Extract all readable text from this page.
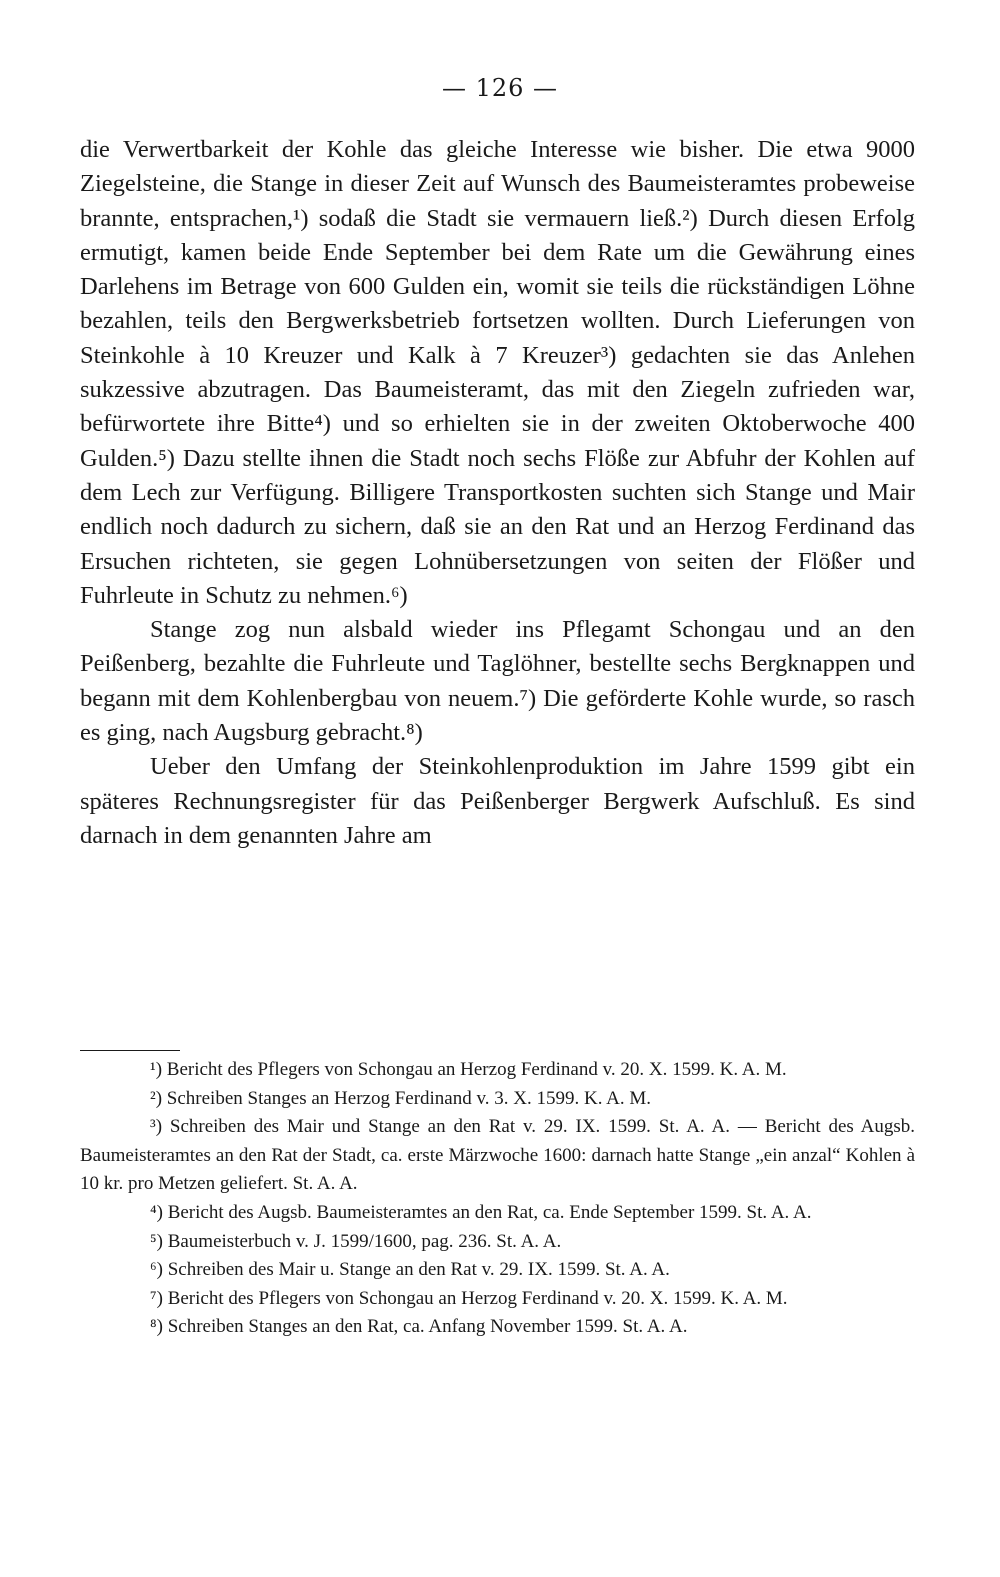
— 126 —

die Verwertbarkeit der Kohle das gleiche Interesse wie bisher. Die etwa 9000 Ziegelsteine, die Stange in dieser Zeit auf Wunsch des Baumeisteramtes probeweise brannte, entsprachen,¹) sodaß die Stadt sie vermauern ließ.²) Durch diesen Erfolg ermutigt, kamen beide Ende September bei dem Rate um die Gewährung eines Darlehens im Betrage von 600 Gulden ein, womit sie teils die rückständigen Löhne bezahlen, teils den Bergwerksbetrieb fortsetzen wollten. Durch Lieferungen von Steinkohle à 10 Kreuzer und Kalk à 7 Kreuzer³) gedachten sie das Anlehen sukzessive abzutragen. Das Baumeisteramt, das mit den Ziegeln zufrieden war, befürwortete ihre Bitte⁴) und so erhielten sie in der zweiten Oktoberwoche 400 Gulden.⁵) Dazu stellte ihnen die Stadt noch sechs Flöße zur Abfuhr der Kohlen auf dem Lech zur Verfügung. Billigere Transportkosten suchten sich Stange und Mair endlich noch dadurch zu sichern, daß sie an den Rat und an Herzog Ferdinand das Ersuchen richteten, sie gegen Lohnübersetzungen von seiten der Flößer und Fuhrleute in Schutz zu nehmen.⁶)

Stange zog nun alsbald wieder ins Pflegamt Schongau und an den Peißenberg, bezahlte die Fuhrleute und Taglöhner, bestellte sechs Bergknappen und begann mit dem Kohlenbergbau von neuem.⁷) Die geförderte Kohle wurde, so rasch es ging, nach Augsburg gebracht.⁸)

Ueber den Umfang der Steinkohlenproduktion im Jahre 1599 gibt ein späteres Rechnungsregister für das Peißenberger Bergwerk Aufschluß. Es sind darnach in dem genannten Jahre am

¹) Bericht des Pflegers von Schongau an Herzog Ferdinand v. 20. X. 1599. K. A. M.

²) Schreiben Stanges an Herzog Ferdinand v. 3. X. 1599. K. A. M.

³) Schreiben des Mair und Stange an den Rat v. 29. IX. 1599. St. A. A. — Bericht des Augsb. Baumeisteramtes an den Rat der Stadt, ca. erste Märzwoche 1600: darnach hatte Stange „ein anzal“ Kohlen à 10 kr. pro Metzen geliefert. St. A. A.

⁴) Bericht des Augsb. Baumeisteramtes an den Rat, ca. Ende September 1599. St. A. A.

⁵) Baumeisterbuch v. J. 1599/1600, pag. 236. St. A. A.

⁶) Schreiben des Mair u. Stange an den Rat v. 29. IX. 1599. St. A. A.

⁷) Bericht des Pflegers von Schongau an Herzog Ferdinand v. 20. X. 1599. K. A. M.

⁸) Schreiben Stanges an den Rat, ca. Anfang November 1599. St. A. A.
